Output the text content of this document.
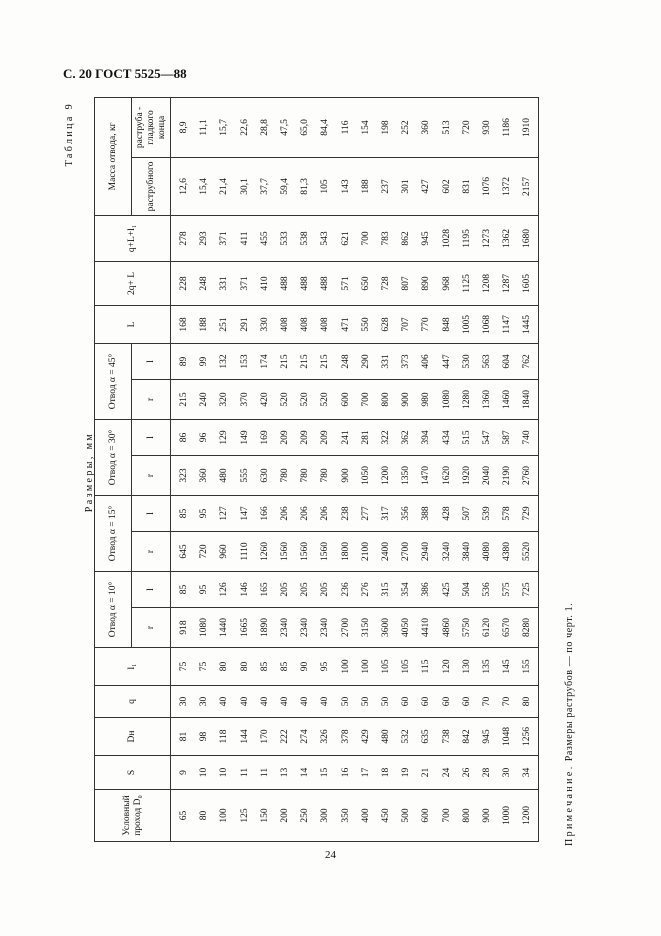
С. 20 ГОСТ 5525—88
Таблица 9
Размеры, мм
Условный проход D₀	S	Dн	q	l₁	Отвод α = 10°		Отвод α = 15°		Отвод α = 30°		Отвод α = 45°		L	2q+ L	q+L+l₁	Масса отвода, кг	
					r	l	r	l	r	l	r	l				раструбного	раструба - гладкого конца
65	9	81	30	75	918	85	645	85	323	86	215	89	168	228	278	12,6	8,9
80	10	98	30	75	1080	95	720	95	360	96	240	99	188	248	293	15,4	11,1
100	10	118	40	80	1440	126	960	127	480	129	320	132	251	331	371	21,4	15,7
125	11	144	40	80	1665	146	1110	147	555	149	370	153	291	371	411	30,1	22,6
150	11	170	40	85	1890	165	1260	166	630	169	420	174	330	410	455	37,7	28,8
200	13	222	40	85	2340	205	1560	206	780	209	520	215	408	488	533	59,4	47,5
250	14	274	40	90	2340	205	1560	206	780	209	520	215	408	488	538	81,3	65,0
300	15	326	40	95	2340	205	1560	206	780	209	520	215	408	488	543	105	84,4
350	16	378	50	100	2700	236	1800	238	900	241	600	248	471	571	621	143	116
400	17	429	50	100	3150	276	2100	277	1050	281	700	290	550	650	700	188	154
450	18	480	50	105	3600	315	2400	317	1200	322	800	331	628	728	783	237	198
500	19	532	60	105	4050	354	2700	356	1350	362	900	373	707	807	862	301	252
600	21	635	60	115	4410	386	2940	388	1470	394	980	406	770	890	945	427	360
700	24	738	60	120	4860	425	3240	428	1620	434	1080	447	848	968	1028	602	513
800	26	842	60	130	5750	504	3840	507	1920	515	1280	530	1005	1125	1195	831	720
900	28	945	70	135	6120	536	4080	539	2040	547	1360	563	1068	1208	1273	1076	930
1000	30	1048	70	145	6570	575	4380	578	2190	587	1460	604	1147	1287	1362	1372	1186
1200	34	1256	80	155	8280	725	5520	729	2760	740	1840	762	1445	1605	1680	2157	1910
Примечание. Размеры раструбов — по черт. 1.
24
